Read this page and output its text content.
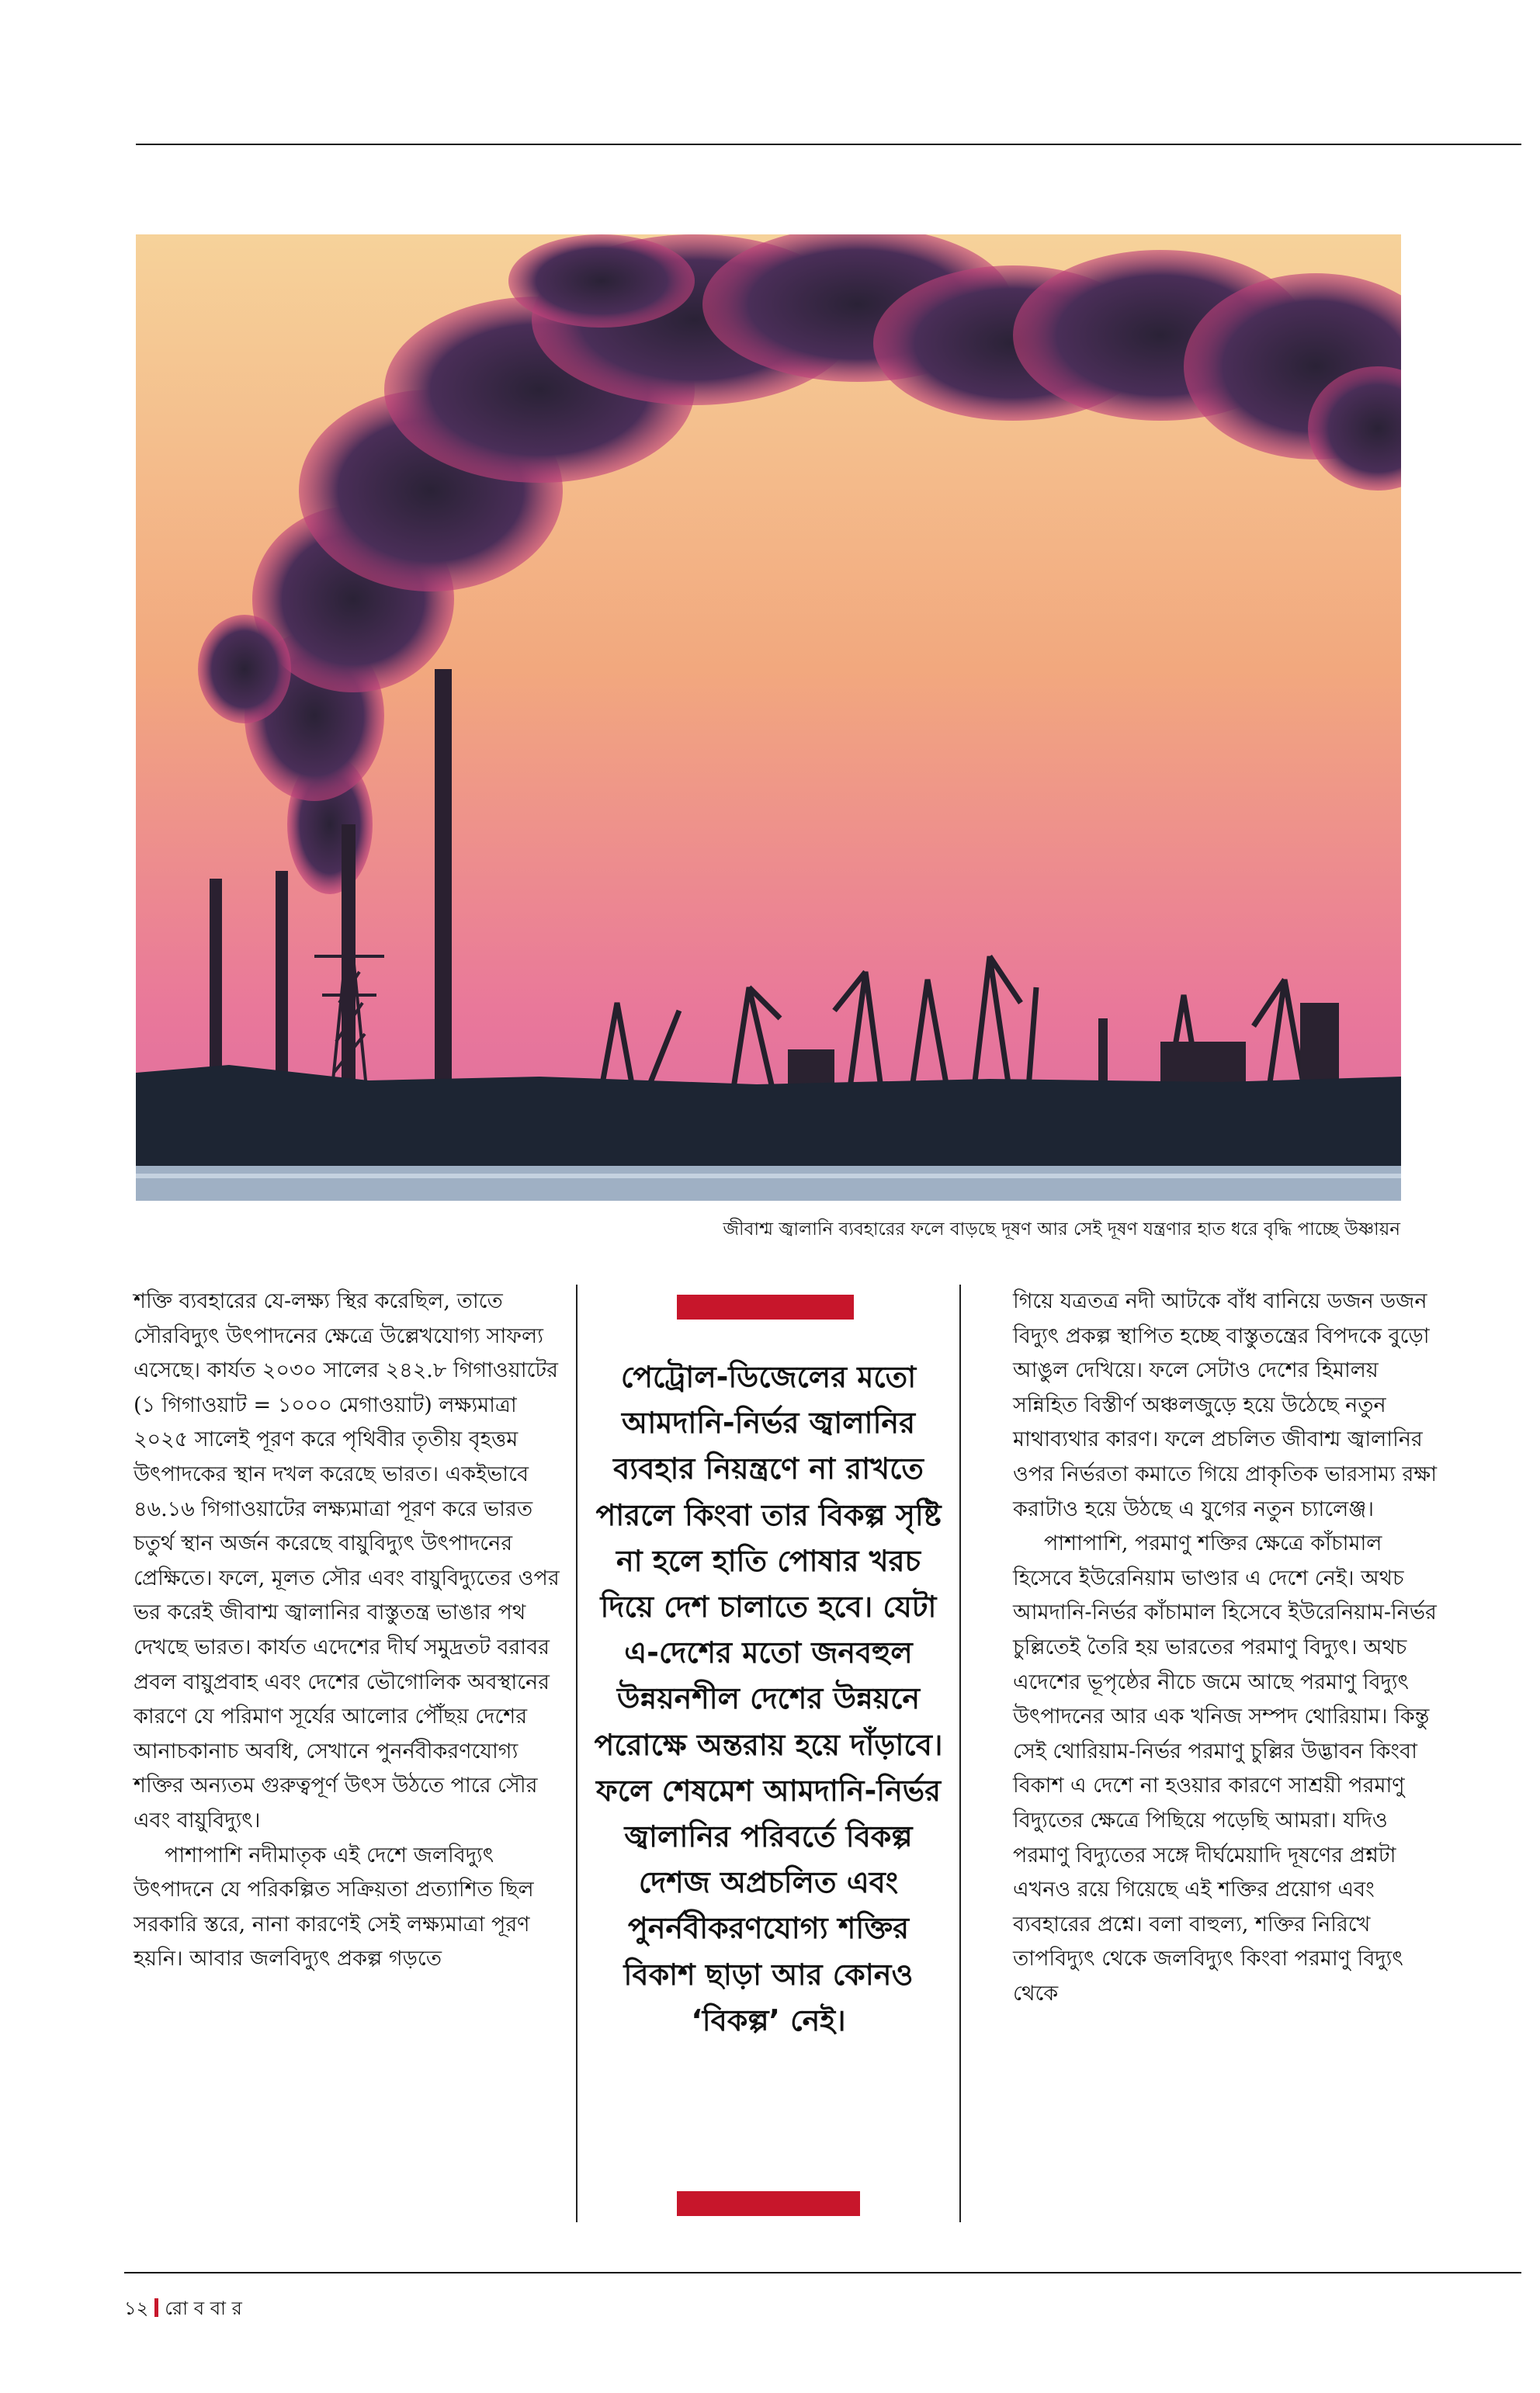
জীবাশ্ম জ্বালানি ব্যবহারের ফলে বাড়ছে দূষণ আর সেই দূষণ যন্ত্রণার হাত ধরে বৃদ্ধি পাচ্ছে উষ্ণায়ন

শক্তি ব্যবহারের যে-লক্ষ্য স্থির করেছিল, তাতে সৌরবিদ্যুৎ উৎপাদনের ক্ষেত্রে উল্লেখযোগ্য সাফল্য এসেছে। কার্যত ২০৩০ সালের ২৪২.৮ গিগাওয়াটের (১ গিগাওয়াট = ১০০০ মেগাওয়াট) লক্ষ্যমাত্রা ২০২৫ সালেই পূরণ করে পৃথিবীর তৃতীয় বৃহত্তম উৎপাদকের স্থান দখল করেছে ভারত। একইভাবে ৪৬.১৬ গিগাওয়াটের লক্ষ্যমাত্রা পূরণ করে ভারত চতুর্থ স্থান অর্জন করেছে বায়ুবিদ্যুৎ উৎপাদনের প্রেক্ষিতে। ফলে, মূলত সৌর এবং বায়ুবিদ্যুতের ওপর ভর করেই জীবাশ্ম জ্বালানির বাস্তুতন্ত্র ভাঙার পথ দেখছে ভারত। কার্যত এদেশের দীর্ঘ সমুদ্রতট বরাবর প্রবল বায়ুপ্রবাহ এবং দেশের ভৌগোলিক অবস্থানের কারণে যে পরিমাণ সূর্যের আলোর পৌঁছয় দেশের আনাচকানাচ অবধি, সেখানে পুনর্নবীকরণযোগ্য শক্তির অন্যতম গুরুত্বপূর্ণ উৎস উঠতে পারে সৌর এবং বায়ুবিদ্যুৎ।

পাশাপাশি নদীমাতৃক এই দেশে জলবিদ্যুৎ উৎপাদনে যে পরিকল্পিত সক্রিয়তা প্রত্যাশিত ছিল সরকারি স্তরে, নানা কারণেই সেই লক্ষ্যমাত্রা পূরণ হয়নি। আবার জলবিদ্যুৎ প্রকল্প গড়তে

পেট্রোল-ডিজেলের মতো আমদানি-নির্ভর জ্বালানির ব্যবহার নিয়ন্ত্রণে না রাখতে পারলে কিংবা তার বিকল্প সৃষ্টি না হলে হাতি পোষার খরচ দিয়ে দেশ চালাতে হবে। যেটা এ-দেশের মতো জনবহুল উন্নয়নশীল দেশের উন্নয়নে পরোক্ষে অন্তরায় হয়ে দাঁড়াবে। ফলে শেষমেশ আমদানি-নির্ভর জ্বালানির পরিবর্তে বিকল্প দেশজ অপ্রচলিত এবং পুনর্নবীকরণযোগ্য শক্তির বিকাশ ছাড়া আর কোনও ‘বিকল্প’ নেই।

গিয়ে যত্রতত্র নদী আটকে বাঁধ বানিয়ে ডজন ডজন বিদ্যুৎ প্রকল্প স্থাপিত হচ্ছে বাস্তুতন্ত্রের বিপদকে বুড়ো আঙুল দেখিয়ে। ফলে সেটাও দেশের হিমালয় সন্নিহিত বিস্তীর্ণ অঞ্চলজুড়ে হয়ে উঠেছে নতুন মাথাব্যথার কারণ। ফলে প্রচলিত জীবাশ্ম জ্বালানির ওপর নির্ভরতা কমাতে গিয়ে প্রাকৃতিক ভারসাম্য রক্ষা করাটাও হয়ে উঠছে এ যুগের নতুন চ্যালেঞ্জ।

পাশাপাশি, পরমাণু শক্তির ক্ষেত্রে কাঁচামাল হিসেবে ইউরেনিয়াম ভাণ্ডার এ দেশে নেই। অথচ আমদানি-নির্ভর কাঁচামাল হিসেবে ইউরেনিয়াম-নির্ভর চুল্লিতেই তৈরি হয় ভারতের পরমাণু বিদ্যুৎ। অথচ এদেশের ভূপৃষ্ঠের নীচে জমে আছে পরমাণু বিদ্যুৎ উৎপাদনের আর এক খনিজ সম্পদ থোরিয়াম। কিন্তু সেই থোরিয়াম-নির্ভর পরমাণু চুল্লির উদ্ভাবন কিংবা বিকাশ এ দেশে না হওয়ার কারণে সাশ্রয়ী পরমাণু বিদ্যুতের ক্ষেত্রে পিছিয়ে পড়েছি আমরা। যদিও পরমাণু বিদ্যুতের সঙ্গে দীর্ঘমেয়াদি দূষণের প্রশ্নটা এখনও রয়ে গিয়েছে এই শক্তির প্রয়োগ এবং ব্যবহারের প্রশ্নে। বলা বাহুল্য, শক্তির নিরিখে তাপবিদ্যুৎ থেকে জলবিদ্যুৎ কিংবা পরমাণু বিদ্যুৎ থেকে

১২ রো ব বা র
